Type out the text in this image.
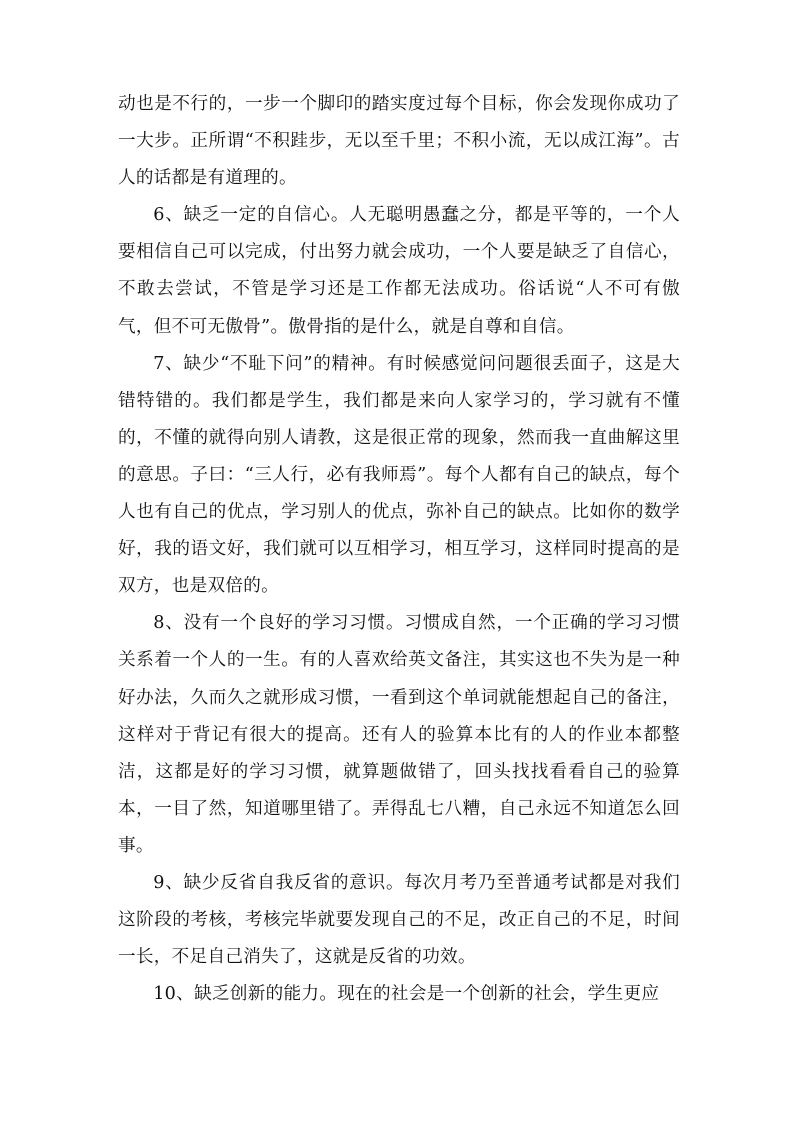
动也是不行的，一步一个脚印的踏实度过每个目标，你会发现你成功了一大步。正所谓“不积跬步，无以至千里；不积小流，无以成江海”。古人的话都是有道理的。

6、缺乏一定的自信心。人无聪明愚蠢之分，都是平等的，一个人要相信自己可以完成，付出努力就会成功，一个人要是缺乏了自信心，不敢去尝试，不管是学习还是工作都无法成功。俗话说“人不可有傲气，但不可无傲骨”。傲骨指的是什么，就是自尊和自信。

7、缺少“不耻下问”的精神。有时候感觉问问题很丢面子，这是大错特错的。我们都是学生，我们都是来向人家学习的，学习就有不懂的，不懂的就得向别人请教，这是很正常的现象，然而我一直曲解这里的意思。子曰：“三人行，必有我师焉”。每个人都有自己的缺点，每个人也有自己的优点，学习别人的优点，弥补自己的缺点。比如你的数学好，我的语文好，我们就可以互相学习，相互学习，这样同时提高的是双方，也是双倍的。

8、没有一个良好的学习习惯。习惯成自然，一个正确的学习习惯关系着一个人的一生。有的人喜欢给英文备注，其实这也不失为是一种好办法，久而久之就形成习惯，一看到这个单词就能想起自己的备注，这样对于背记有很大的提高。还有人的验算本比有的人的作业本都整洁，这都是好的学习习惯，就算题做错了，回头找找看看自己的验算本，一目了然，知道哪里错了。弄得乱七八糟，自己永远不知道怎么回事。

9、缺少反省自我反省的意识。每次月考乃至普通考试都是对我们这阶段的考核，考核完毕就要发现自己的不足，改正自己的不足，时间一长，不足自己消失了，这就是反省的功效。

10、缺乏创新的能力。现在的社会是一个创新的社会，学生更应
